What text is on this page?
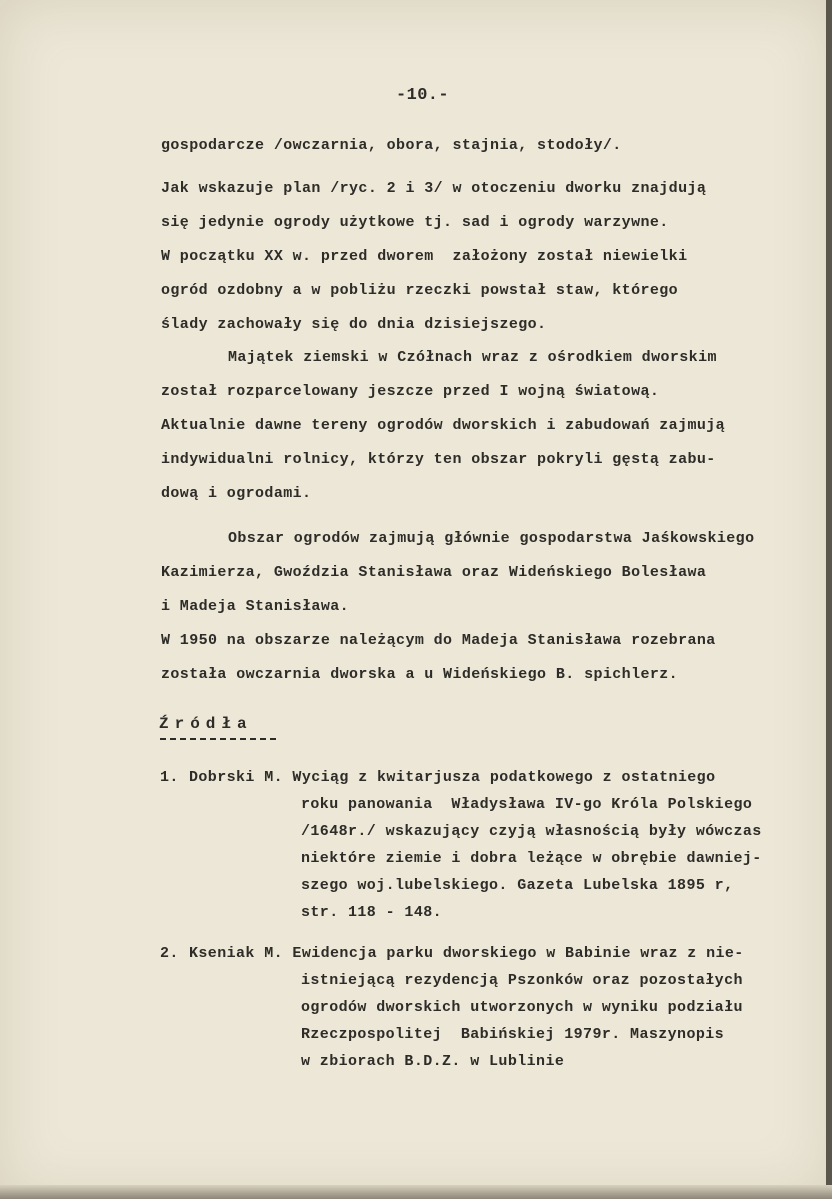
-10.-

gospodarcze /owczarnia, obora, stajnia, stodoły/.

Jak wskazuje plan /ryc. 2 i 3/ w otoczeniu dworku znajdują

się jedynie ogrody użytkowe tj. sad i ogrody warzywne.

W początku XX w. przed dworem  założony został niewielki

ogród ozdobny a w pobliżu rzeczki powstał staw, którego

ślady zachowały się do dnia dzisiejszego.

Majątek ziemski w Czółnach wraz z ośrodkiem dworskim

został rozparcelowany jeszcze przed I wojną światową.

Aktualnie dawne tereny ogrodów dworskich i zabudowań zajmują

indywidualni rolnicy, którzy ten obszar pokryli gęstą zabu-

dową i ogrodami.

Obszar ogrodów zajmują głównie gospodarstwa Jaśkowskiego

Kazimierza, Gwoździa Stanisława oraz Wideńskiego Bolesława

i Madeja Stanisława.

W 1950 na obszarze należącym do Madeja Stanisława rozebrana

została owczarnia dworska a u Wideńskiego B. spichlerz.

Źródła

1. Dobrski M. Wyciąg z kwitarjusza podatkowego z ostatniego

roku panowania  Władysława IV-go Króla Polskiego

/1648r./ wskazujący czyją własnością były wówczas

niektóre ziemie i dobra leżące w obrębie dawniej-

szego woj.lubelskiego. Gazeta Lubelska 1895 r,

str. 118 - 148.

2. Kseniak M. Ewidencja parku dworskiego w Babinie wraz z nie-

istniejącą rezydencją Pszonków oraz pozostałych

ogrodów dworskich utworzonych w wyniku podziału

Rzeczpospolitej  Babińskiej 1979r. Maszynopis

w zbiorach B.D.Z. w Lublinie
